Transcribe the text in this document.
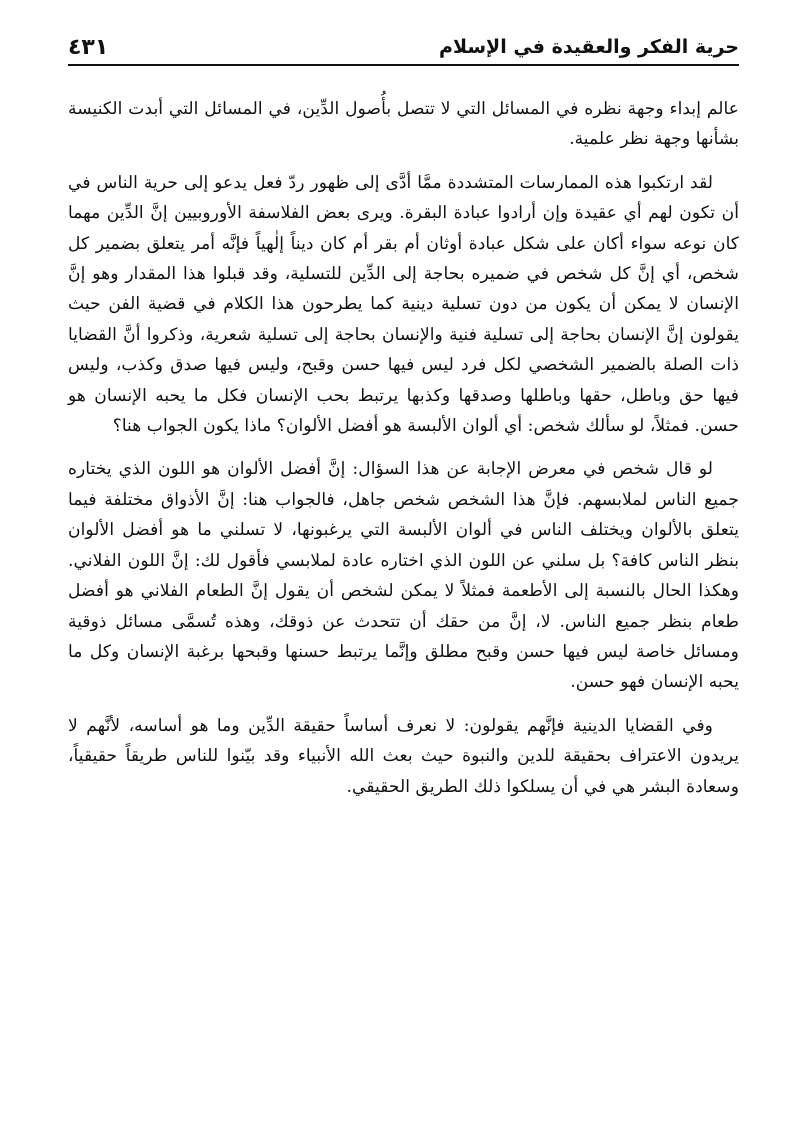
حرية الفكر والعقيدة في الإسلام
٤٣١

عالم إبداء وجهة نظره في المسائل التي لا تتصل بأُصول الدِّين، في المسائل التي أبدت الكنيسة بشأنها وجهة نظر علمية.

لقد ارتكبوا هذه الممارسات المتشددة ممَّا أدَّى إلى ظهور ردّ فعل يدعو إلى حرية الناس في أن تكون لهم أي عقيدة وإن أرادوا عبادة البقرة. ويرى بعض الفلاسفة الأوروبيين إنَّ الدِّين مهما كان نوعه سواء أكان على شكل عبادة أوثان أم بقر أم كان ديناً إلٰهياً فإنَّه أمر يتعلق بضمير كل شخص، أي إنَّ كل شخص في ضميره بحاجة إلى الدِّين للتسلية، وقد قبلوا هذا المقدار وهو إنَّ الإنسان لا يمكن أن يكون من دون تسلية دينية كما يطرحون هذا الكلام في قضية الفن حيث يقولون إنَّ الإنسان بحاجة إلى تسلية فنية والإنسان بحاجة إلى تسلية شعرية، وذكروا أنَّ القضايا ذات الصلة بالضمير الشخصي لكل فرد ليس فيها حسن وقبح، وليس فيها صدق وكذب، وليس فيها حق وباطل، حقها وباطلها وصدقها وكذبها يرتبط بحب الإنسان فكل ما يحبه الإنسان هو حسن. فمثلاً، لو سألك شخص: أي ألوان الألبسة هو أفضل الألوان؟ ماذا يكون الجواب هنا؟

لو قال شخص في معرض الإجابة عن هذا السؤال: إنَّ أفضل الألوان هو اللون الذي يختاره جميع الناس لملابسهم. فإنَّ هذا الشخص شخص جاهل، فالجواب هنا: إنَّ الأذواق مختلفة فيما يتعلق بالألوان ويختلف الناس في ألوان الألبسة التي يرغبونها، لا تسلني ما هو أفضل الألوان بنظر الناس كافة؟ بل سلني عن اللون الذي اختاره عادة لملابسي فأقول لك: إنَّ اللون الفلاني. وهكذا الحال بالنسبة إلى الأطعمة فمثلاً لا يمكن لشخص أن يقول إنَّ الطعام الفلاني هو أفضل طعام بنظر جميع الناس. لا، إنَّ من حقك أن تتحدث عن ذوقك، وهذه تُسمَّى مسائل ذوقية ومسائل خاصة ليس فيها حسن وقبح مطلق وإنَّما يرتبط حسنها وقبحها برغبة الإنسان وكل ما يحبه الإنسان فهو حسن.

وفي القضايا الدينية فإنَّهم يقولون: لا نعرف أساساً حقيقة الدِّين وما هو أساسه، لأنَّهم لا يريدون الاعتراف بحقيقة للدين والنبوة حيث بعث الله الأنبياء وقد بيّنوا للناس طريقاً حقيقياً، وسعادة البشر هي في أن يسلكوا ذلك الطريق الحقيقي.
